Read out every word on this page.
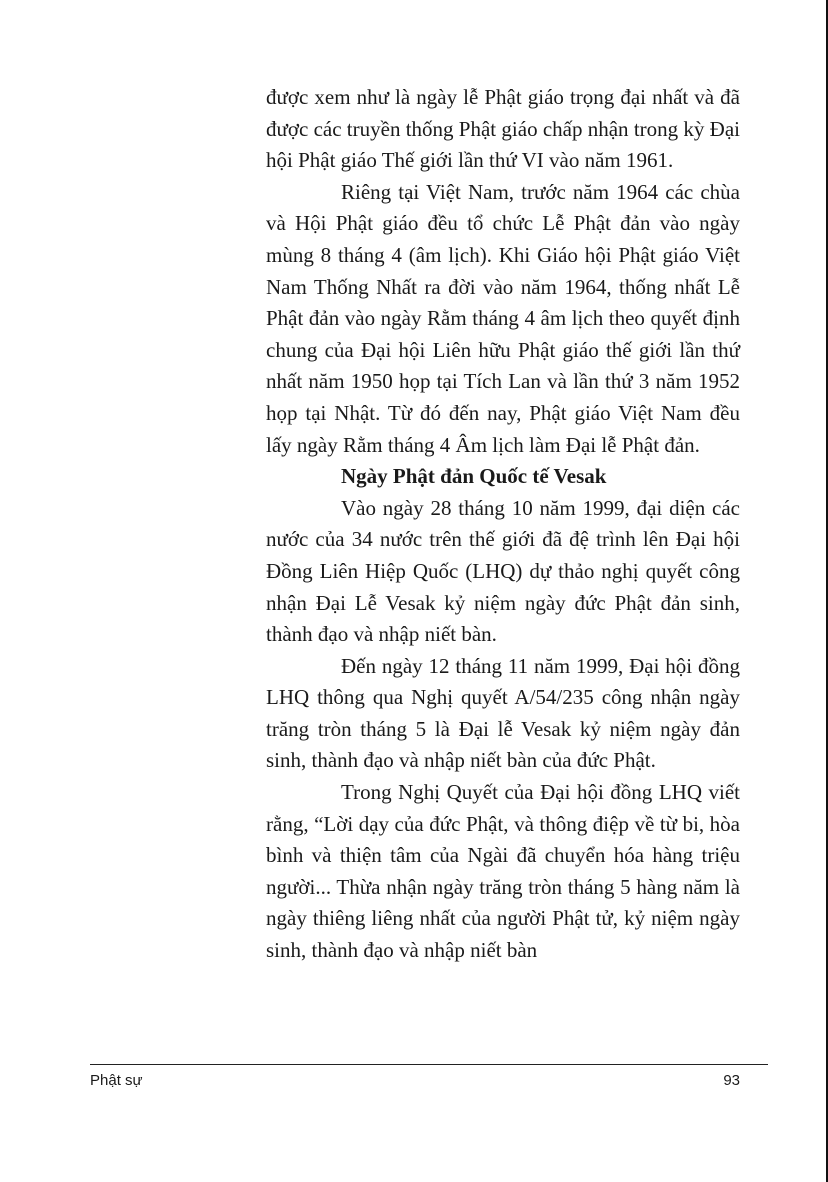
được xem như là ngày lễ Phật giáo trọng đại nhất và đã được các truyền thống Phật giáo chấp nhận trong kỳ Đại hội Phật giáo Thế giới lần thứ VI vào năm 1961.

Riêng tại Việt Nam, trước năm 1964 các chùa và Hội Phật giáo đều tổ chức Lễ Phật đản vào ngày mùng 8 tháng 4 (âm lịch). Khi Giáo hội Phật giáo Việt Nam Thống Nhất ra đời vào năm 1964, thống nhất Lễ Phật đản vào ngày Rằm tháng 4 âm lịch theo quyết định chung của Đại hội Liên hữu Phật giáo thế giới lần thứ nhất năm 1950 họp tại Tích Lan và lần thứ 3 năm 1952 họp tại Nhật. Từ đó đến nay, Phật giáo Việt Nam đều lấy ngày Rằm tháng 4 Âm lịch làm Đại lễ Phật đản.

Ngày Phật đản Quốc tế Vesak

Vào ngày 28 tháng 10 năm 1999, đại diện các nước của 34 nước trên thế giới đã đệ trình lên Đại hội Đồng Liên Hiệp Quốc (LHQ) dự thảo nghị quyết công nhận Đại Lễ Vesak kỷ niệm ngày đức Phật đản sinh, thành đạo và nhập niết bàn.

Đến ngày 12 tháng 11 năm 1999, Đại hội đồng LHQ thông qua Nghị quyết A/54/235 công nhận ngày trăng tròn tháng 5 là Đại lễ Vesak kỷ niệm ngày đản sinh, thành đạo và nhập niết bàn của đức Phật.

Trong Nghị Quyết của Đại hội đồng LHQ viết rằng, “Lời dạy của đức Phật, và thông điệp về từ bi, hòa bình và thiện tâm của Ngài đã chuyển hóa hàng triệu người... Thừa nhận ngày trăng tròn tháng 5 hàng năm là ngày thiêng liêng nhất của người Phật tử, kỷ niệm ngày sinh, thành đạo và nhập niết bàn

Phật sự	93
